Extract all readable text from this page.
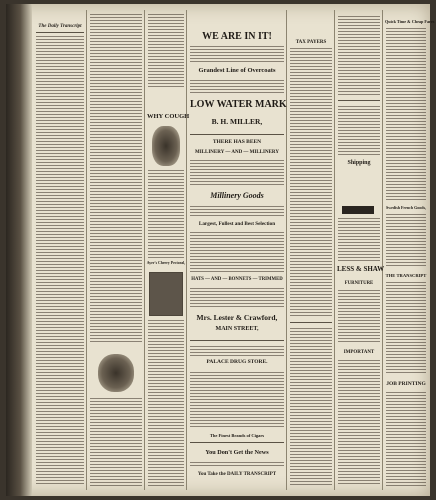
The Daily Transcript
WHY COUGH
Ayer's Cherry Pectoral,
WE ARE IN IT!
Grandest Line of Overcoats
LOW WATER MARK
B. H. MILLER,
THERE HAS BEEN
MILLINERY — AND — MILLINERY
Millinery Goods
Largest, Fullest and Best Selection
HATS — AND — BONNETS — TRIMMED
Mrs. Lester & Crawford,
MAIN STREET,
PALACE DRUG STORE.
The Finest Brands of Cigars
You Don't Get the News
You Take the DAILY TRANSCRIPT
TAX PAYERS
Shipping
LESS & SHAW
FURNITURE
IMPORTANT
Quick Time & Cheap Fares
Swedish French Goods,
THE TRANSCRIPT
JOB PRINTING
